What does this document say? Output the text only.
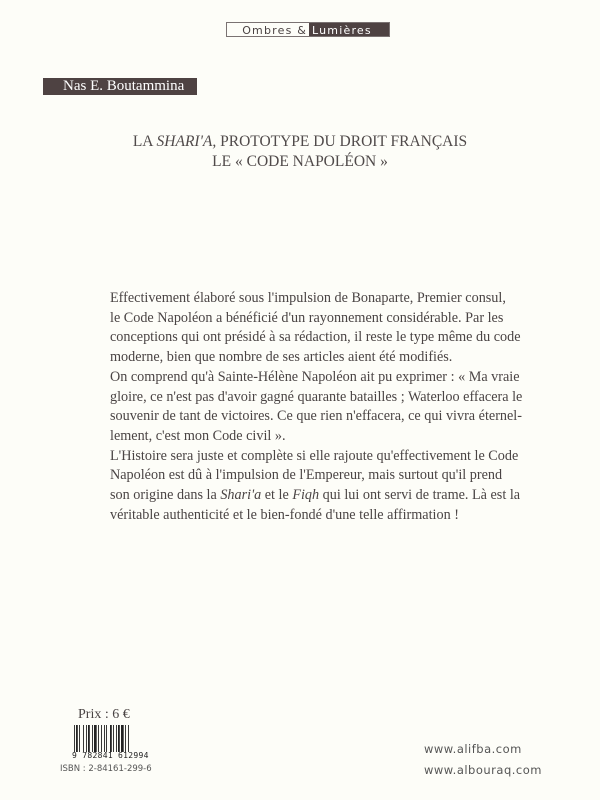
Ombres & Lumières
Nas E. Boutammina
LA SHARI'A, PROTOTYPE DU DROIT FRANÇAIS
LE « CODE NAPOLÉON »
Effectivement élaboré sous l'impulsion de Bonaparte, Premier consul,
le Code Napoléon a bénéficié d'un rayonnement considérable. Par les
conceptions qui ont présidé à sa rédaction, il reste le type même du code
moderne, bien que nombre de ses articles aient été modifiés.
On comprend qu'à Sainte-Hélène Napoléon ait pu exprimer : « Ma vraie
gloire, ce n'est pas d'avoir gagné quarante batailles ; Waterloo effacera le
souvenir de tant de victoires. Ce que rien n'effacera, ce qui vivra éternel-
lement, c'est mon Code civil ».
L'Histoire sera juste et complète si elle rajoute qu'effectivement le Code
Napoléon est dû à l'impulsion de l'Empereur, mais surtout qu'il prend
son origine dans la Shari'a et le Fiqh qui lui ont servi de trame. Là est la
véritable authenticité et le bien-fondé d'une telle affirmation !
Prix : 6 €
9 782841 612994
ISBN : 2-84161-299-6
www.alifba.com
www.albouraq.com
